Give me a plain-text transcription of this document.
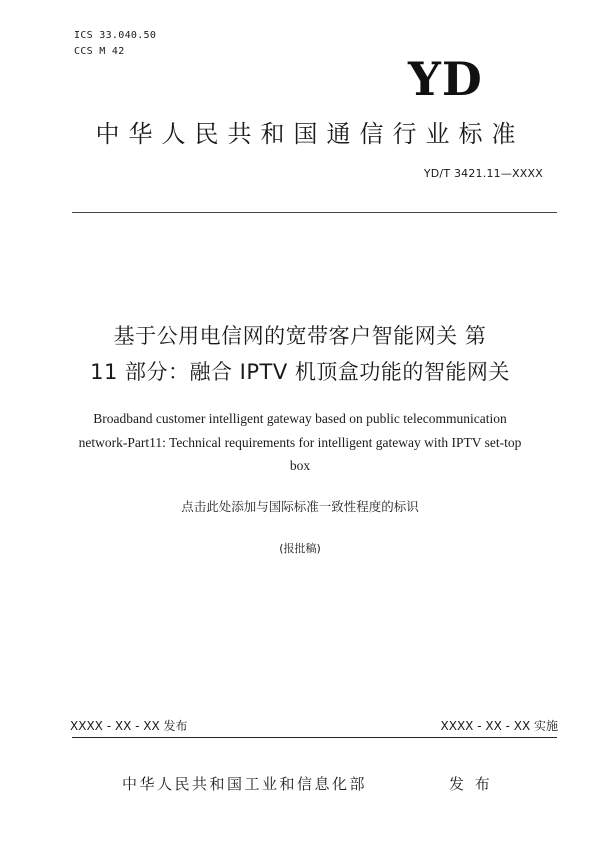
ICS 33.040.50
CCS M 42
YD
中华人民共和国通信行业标准
YD/T 3421.11—XXXX
基于公用电信网的宽带客户智能网关 第
11 部分：融合 IPTV 机顶盒功能的智能网关
Broadband customer intelligent gateway based on public telecommunication
network-Part11: Technical requirements for intelligent gateway with IPTV set-top
box
点击此处添加与国际标准一致性程度的标识
(报批稿)
XXXX - XX - XX 发布	XXXX - XX - XX 实施
中华人民共和国工业和信息化部	发 布
